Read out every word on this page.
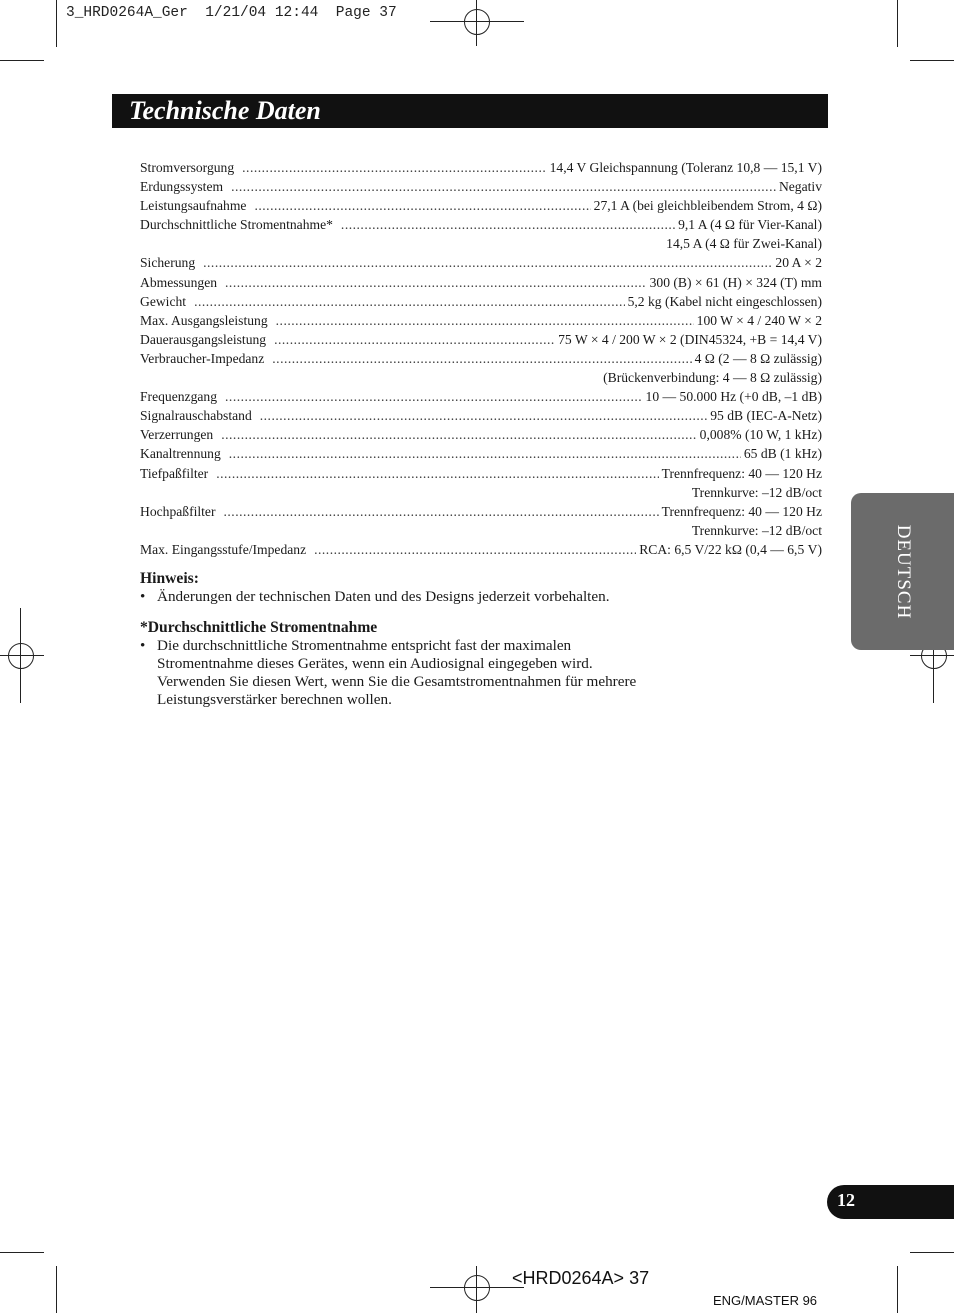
3_HRD0264A_Ger  1/21/04 12:44  Page 37
Technische Daten
Stromversorgung .....	14,4 V Gleichspannung (Toleranz 10,8 — 15,1 V)
Erdungssystem .....	Negativ
Leistungsaufnahme .....	27,1 A (bei gleichbleibendem Strom, 4 Ω)
Durchschnittliche Stromentnahme* .....	9,1 A (4 Ω für Vier-Kanal)
14,5 A (4 Ω für Zwei-Kanal)
Sicherung .....	20 A × 2
Abmessungen .....	300 (B) × 61 (H) × 324 (T) mm
Gewicht .....	5,2 kg (Kabel nicht eingeschlossen)
Max. Ausgangsleistung .....	100 W × 4 / 240 W × 2
Dauerausgangsleistung .....	75 W × 4 / 200 W × 2 (DIN45324, +B = 14,4 V)
Verbraucher-Impedanz .....	4 Ω (2 — 8 Ω zulässig)
(Brückenverbindung: 4 — 8 Ω zulässig)
Frequenzgang .....	10 — 50.000 Hz (+0 dB, –1 dB)
Signalrauschabstand .....	95 dB (IEC-A-Netz)
Verzerrungen .....	0,008% (10 W, 1 kHz)
Kanaltrennung .....	65 dB (1 kHz)
Tiefpaßfilter .....	Trennfrequenz: 40 — 120 Hz
Trennkurve: –12 dB/oct
Hochpaßfilter .....	Trennfrequenz: 40 — 120 Hz
Trennkurve: –12 dB/oct
Max. Eingangsstufe/Impedanz .....	RCA: 6,5 V/22 kΩ (0,4 — 6,5 V)
Hinweis:
• Änderungen der technischen Daten und des Designs jederzeit vorbehalten.
*Durchschnittliche Stromentnahme
• Die durchschnittliche Stromentnahme entspricht fast der maximalen
Stromentnahme dieses Gerätes, wenn ein Audiosignal eingegeben wird.
Verwenden Sie diesen Wert, wenn Sie die Gesamtstromentnahmen für mehrere
Leistungsverstärker berechnen wollen.
DEUTSCH
12
<HRD0264A> 37
ENG/MASTER 96
